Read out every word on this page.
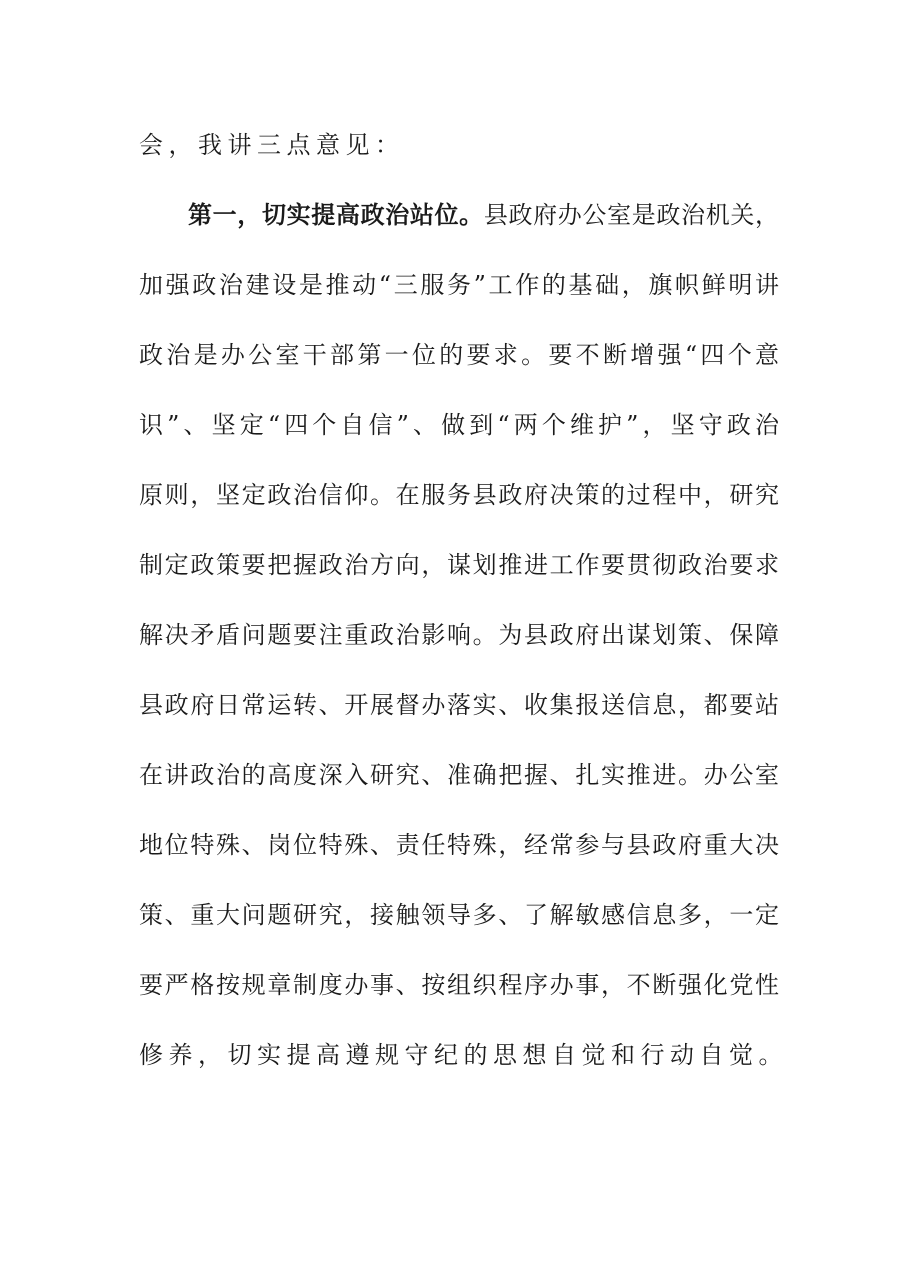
会，我讲三点意见：
第一，切实提高政治站位。县政府办公室是政治机关，
加强政治建设是推动“三服务”工作的基础，旗帜鲜明讲
政治是办公室干部第一位的要求。要不断增强“四个意
识”、坚定“四个自信”、做到“两个维护”，坚守政治
原则，坚定政治信仰。在服务县政府决策的过程中，研究
制定政策要把握政治方向，谋划推进工作要贯彻政治要求
解决矛盾问题要注重政治影响。为县政府出谋划策、保障
县政府日常运转、开展督办落实、收集报送信息，都要站
在讲政治的高度深入研究、准确把握、扎实推进。办公室
地位特殊、岗位特殊、责任特殊，经常参与县政府重大决
策、重大问题研究，接触领导多、了解敏感信息多，一定
要严格按规章制度办事、按组织程序办事，不断强化党性
修养，切实提高遵规守纪的思想自觉和行动自觉。
